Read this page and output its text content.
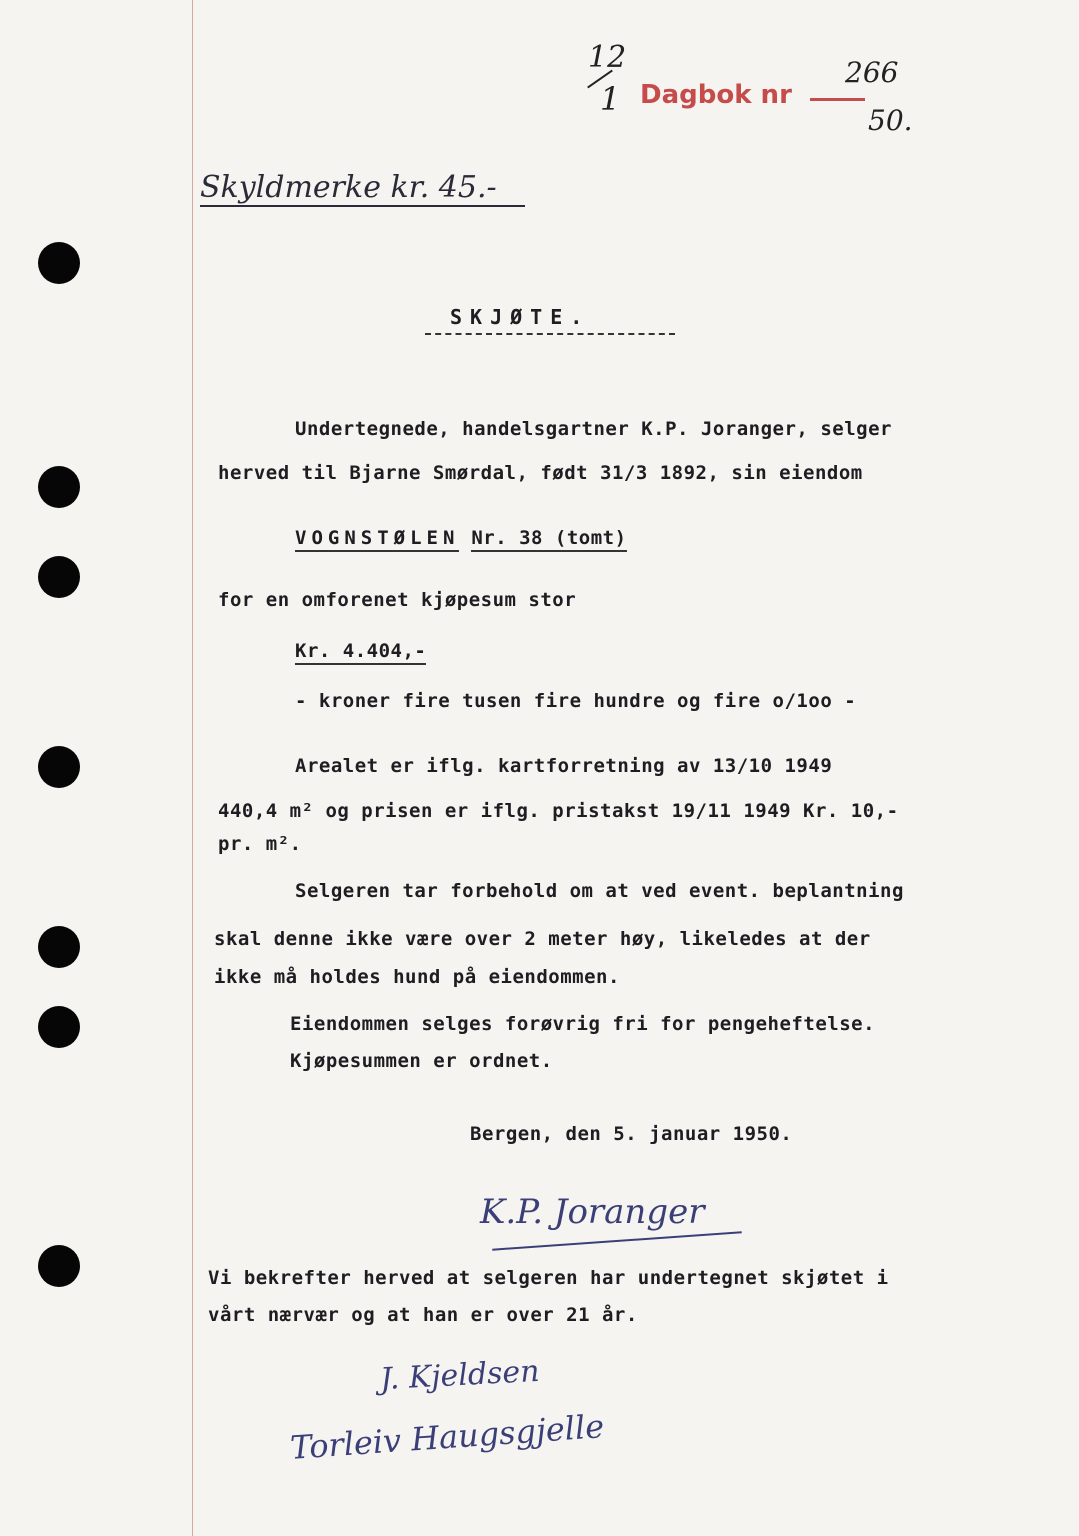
12
1 Dagbok nr
266
50.
Skyldmerke kr. 45.-
SKJØTE.
Undertegnede, handelsgartner K.P. Joranger, selger
herved til Bjarne Smørdal, født 31/3 1892, sin eiendom
VOGNSTØLEN Nr. 38 (tomt)
for en omforenet kjøpesum stor
Kr. 4.404,-
- kroner fire tusen fire hundre og fire o/1oo -
Arealet er iflg. kartforretning av 13/10 1949
440,4 m² og prisen er iflg. pristakst 19/11 1949 Kr. 10,-
pr. m².
Selgeren tar forbehold om at ved event. beplantning
skal denne ikke være over 2 meter høy, likeledes at der
ikke må holdes hund på eiendommen.
Eiendommen selges forøvrig fri for pengeheftelse.
Kjøpesummen er ordnet.
Bergen, den 5. januar 1950.
K.P. Joranger
Vi bekrefter herved at selgeren har undertegnet skjøtet i
vårt nærvær og at han er over 21 år.
J. Kjeldsen
Torleiv Haugsgjelle
